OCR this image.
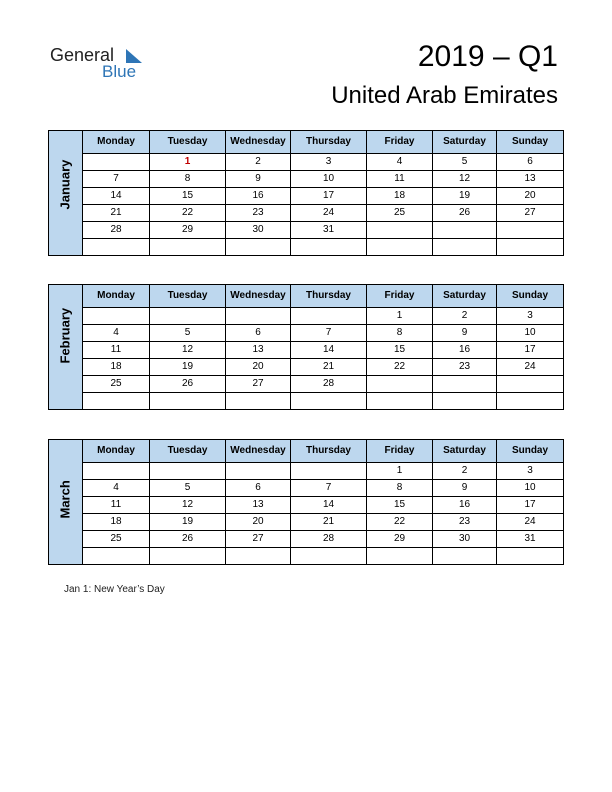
General
Blue	2019 – Q1
United Arab Emirates
January	Monday	Tuesday	Wednesday	Thursday	Friday	Saturday	Sunday
		1	2	3	4	5	6
	7	8	9	10	11	12	13
	14	15	16	17	18	19	20
	21	22	23	24	25	26	27
	28	29	30	31			

February	Monday	Tuesday	Wednesday	Thursday	Friday	Saturday	Sunday
					1	2	3
	4	5	6	7	8	9	10
	11	12	13	14	15	16	17
	18	19	20	21	22	23	24
	25	26	27	28			

March	Monday	Tuesday	Wednesday	Thursday	Friday	Saturday	Sunday
					1	2	3
	4	5	6	7	8	9	10
	11	12	13	14	15	16	17
	18	19	20	21	22	23	24
	25	26	27	28	29	30	31

Jan 1: New Year’s Day
